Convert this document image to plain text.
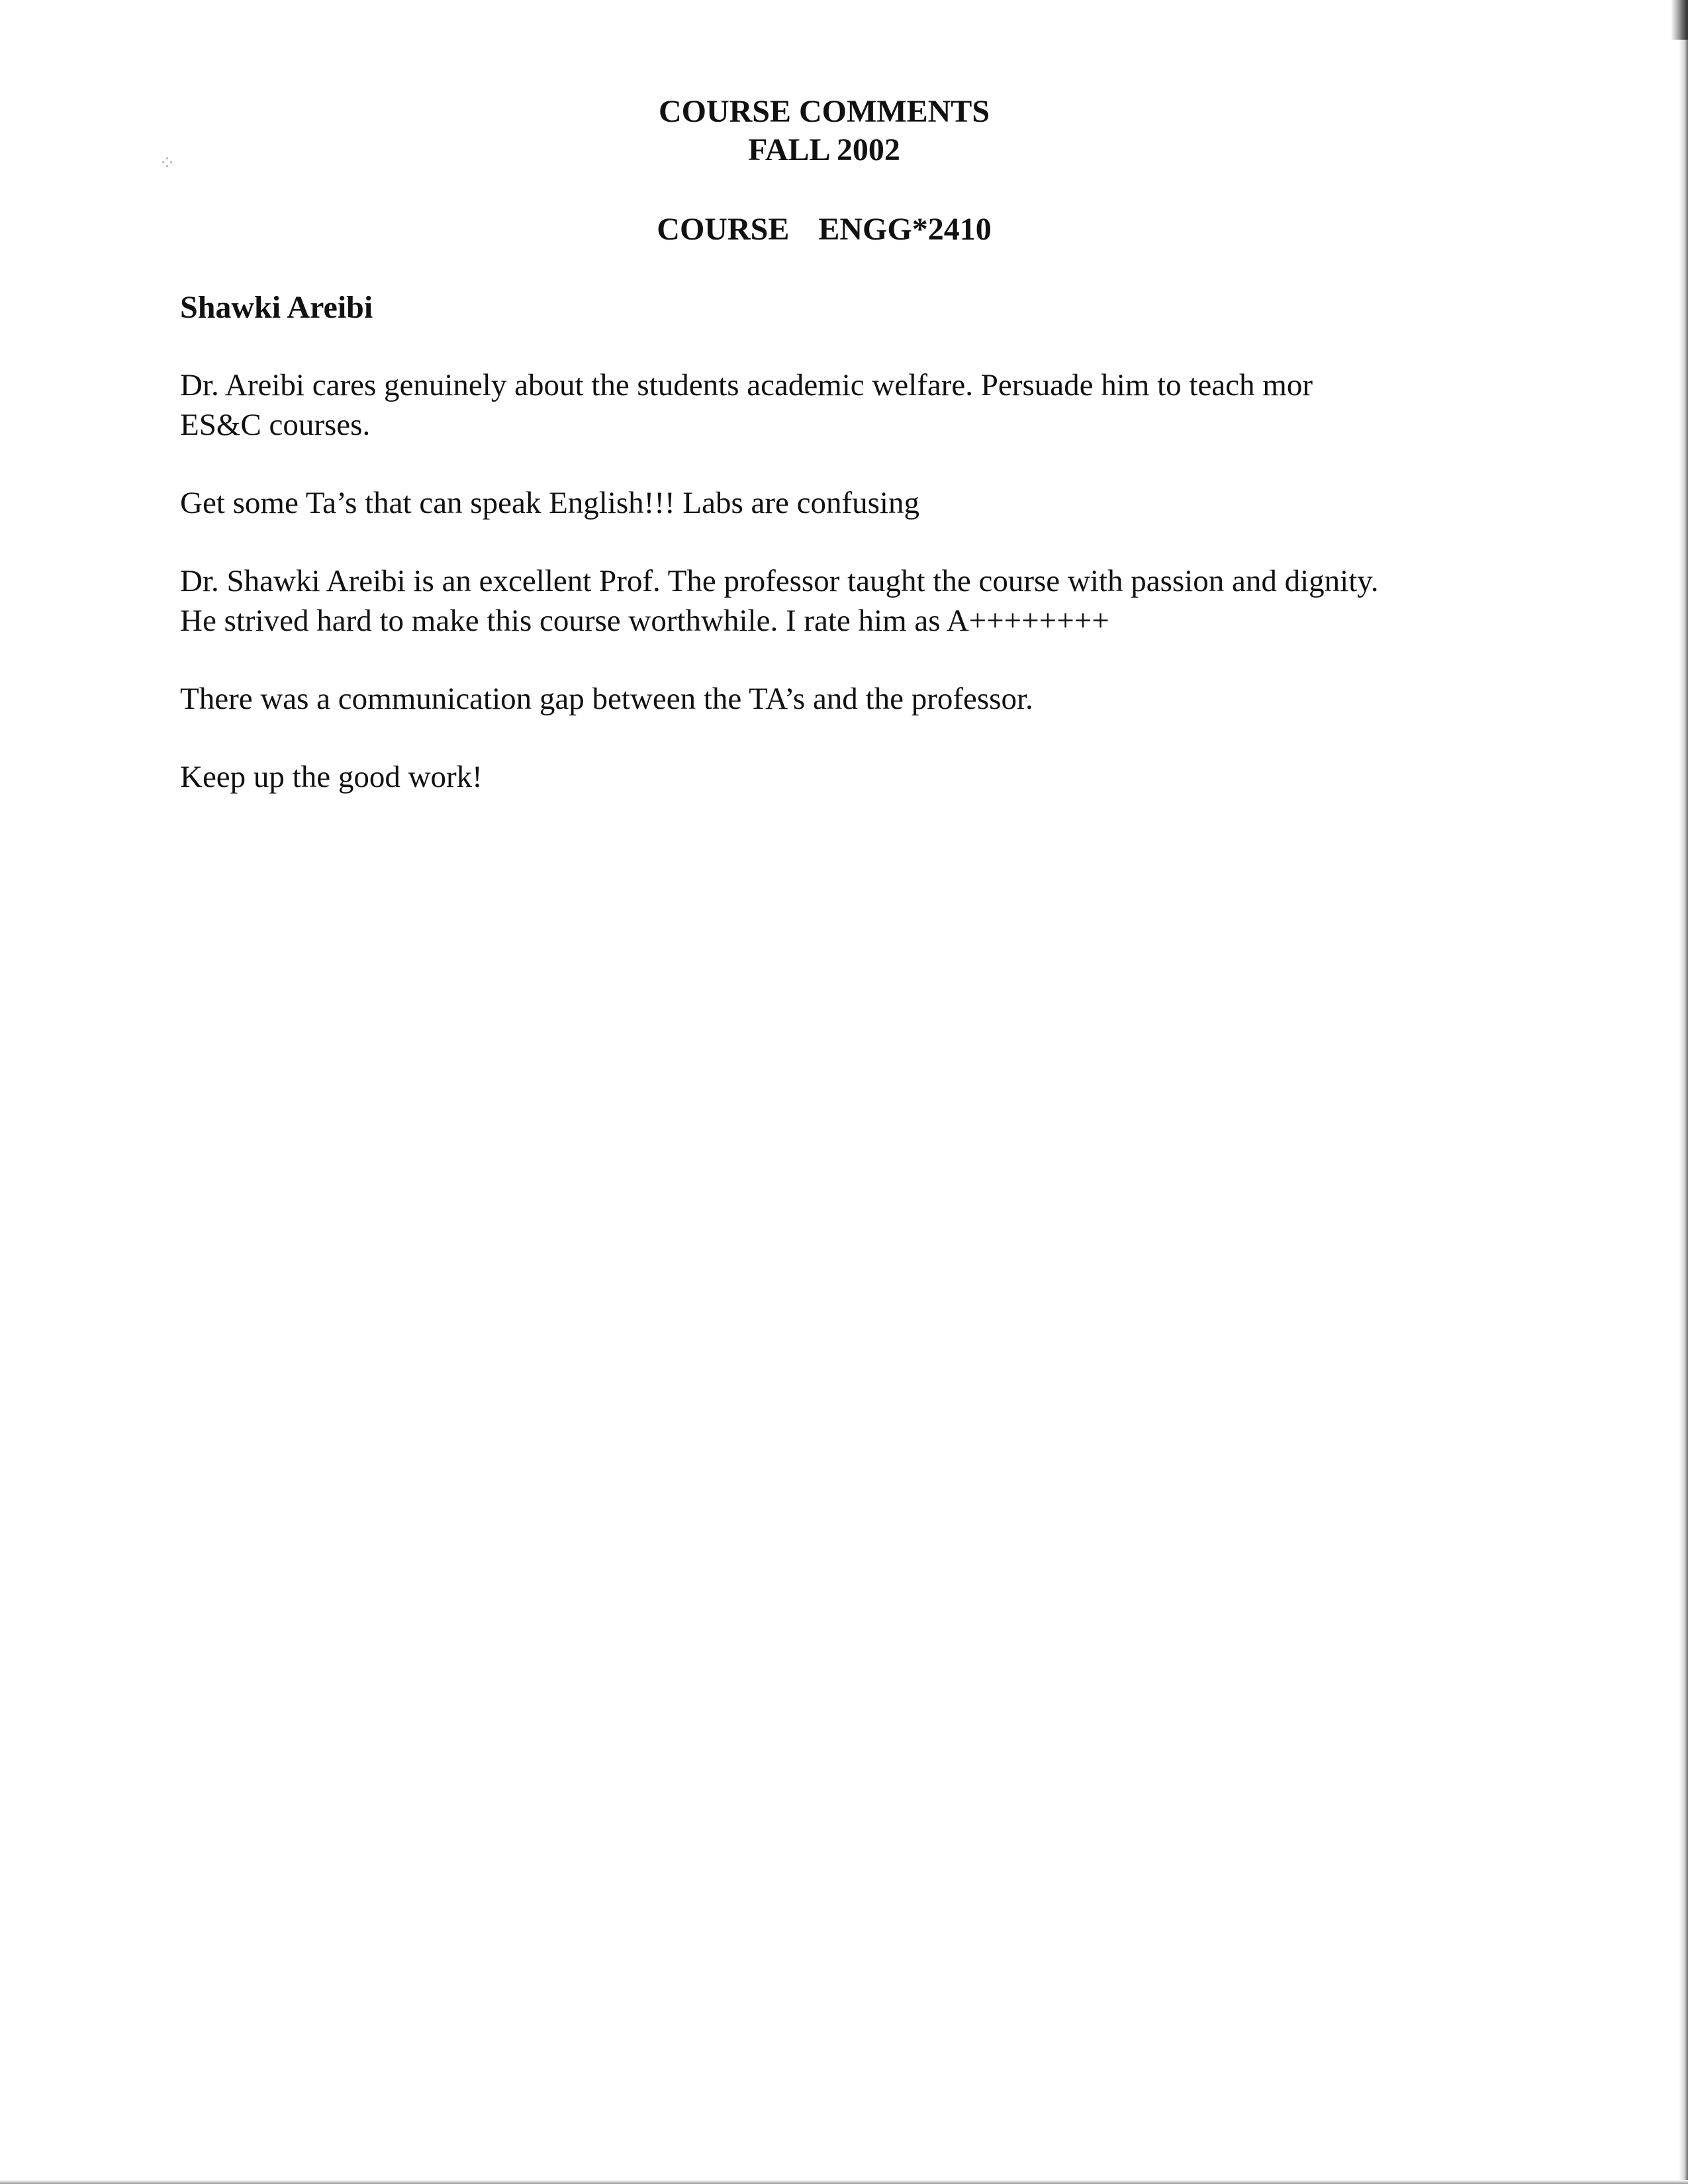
⁘
COURSE COMMENTS
FALL 2002
COURSE  ENGG*2410
Shawki Areibi

Dr. Areibi cares genuinely about the students academic welfare. Persuade him to teach mor
ES&C courses.

Get some Ta’s that can speak English!!! Labs are confusing

Dr. Shawki Areibi is an excellent Prof. The professor taught the course with passion and dignity.
He strived hard to make this course worthwhile. I rate him as A++++++++

There was a communication gap between the TA’s and the professor.

Keep up the good work!
